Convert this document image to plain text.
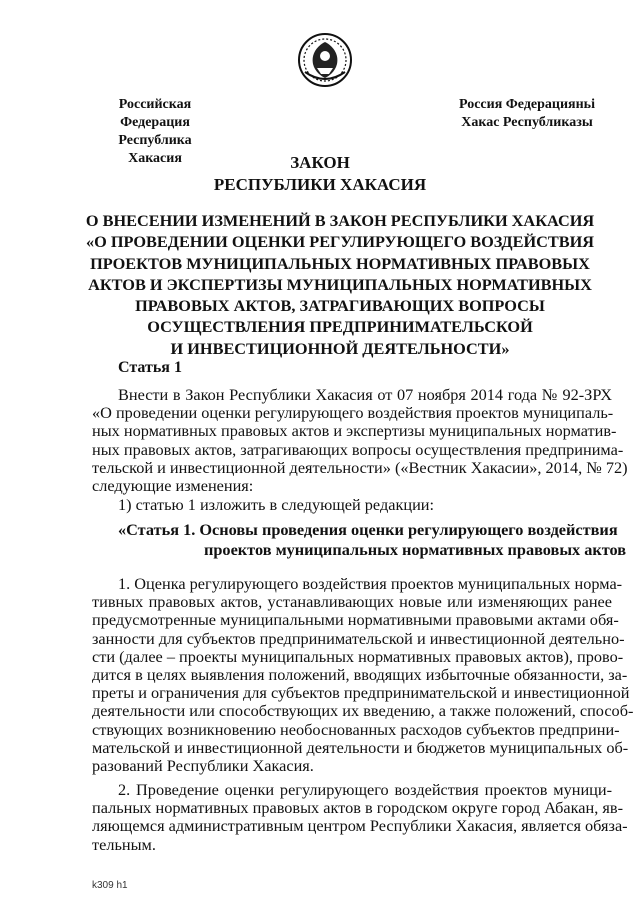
Российская Федерация
Республика Хакасия
Россия Федерацияньі
Хакас Республиказы
ЗАКОН
РЕСПУБЛИКИ ХАКАСИЯ
О ВНЕСЕНИИ ИЗМЕНЕНИЙ В ЗАКОН РЕСПУБЛИКИ ХАКАСИЯ
«О ПРОВЕДЕНИИ ОЦЕНКИ РЕГУЛИРУЮЩЕГО ВОЗДЕЙСТВИЯ
ПРОЕКТОВ МУНИЦИПАЛЬНЫХ НОРМАТИВНЫХ ПРАВОВЫХ
АКТОВ И ЭКСПЕРТИЗЫ МУНИЦИПАЛЬНЫХ НОРМАТИВНЫХ
ПРАВОВЫХ АКТОВ, ЗАТРАГИВАЮЩИХ ВОПРОСЫ
ОСУЩЕСТВЛЕНИЯ ПРЕДПРИНИМАТЕЛЬСКОЙ
И ИНВЕСТИЦИОННОЙ ДЕЯТЕЛЬНОСТИ»
Статья 1
Внести в Закон Республики Хакасия от 07 ноября 2014 года № 92-ЗРХ
«О проведении оценки регулирующего воздействия проектов муниципаль-
ных нормативных правовых актов и экспертизы муниципальных норматив-
ных правовых актов, затрагивающих вопросы осуществления предпринима-
тельской и инвестиционной деятельности» («Вестник Хакасии», 2014, № 72)
следующие изменения:
1) статью 1 изложить в следующей редакции:
«Статья 1. Основы проведения оценки регулирующего воздействия
проектов муниципальных нормативных правовых актов
1. Оценка регулирующего воздействия проектов муниципальных норма-
тивных правовых актов, устанавливающих новые или изменяющих ранее
предусмотренные муниципальными нормативными правовыми актами обя-
занности для субъектов предпринимательской и инвестиционной деятельно-
сти (далее – проекты муниципальных нормативных правовых актов), прово-
дится в целях выявления положений, вводящих избыточные обязанности, за-
преты и ограничения для субъектов предпринимательской и инвестиционной
деятельности или способствующих их введению, а также положений, способ-
ствующих возникновению необоснованных расходов субъектов предприни-
мательской и инвестиционной деятельности и бюджетов муниципальных об-
разований Республики Хакасия.
2. Проведение оценки регулирующего воздействия проектов муници-
пальных нормативных правовых актов в городском округе город Абакан, яв-
ляющемся административным центром Республики Хакасия, является обяза-
тельным.
k309 h1
